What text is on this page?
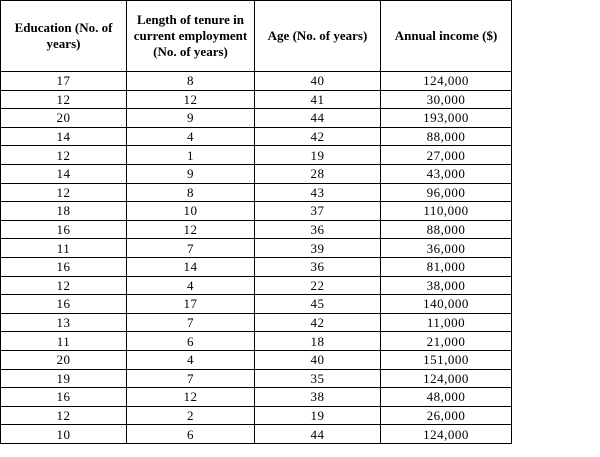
Education (No. of years)	Length of tenure in current employment (No. of years)	Age (No. of years)	Annual income ($)
17	8	40	124,000
12	12	41	30,000
20	9	44	193,000
14	4	42	88,000
12	1	19	27,000
14	9	28	43,000
12	8	43	96,000
18	10	37	110,000
16	12	36	88,000
11	7	39	36,000
16	14	36	81,000
12	4	22	38,000
16	17	45	140,000
13	7	42	11,000
11	6	18	21,000
20	4	40	151,000
19	7	35	124,000
16	12	38	48,000
12	2	19	26,000
10	6	44	124,000
